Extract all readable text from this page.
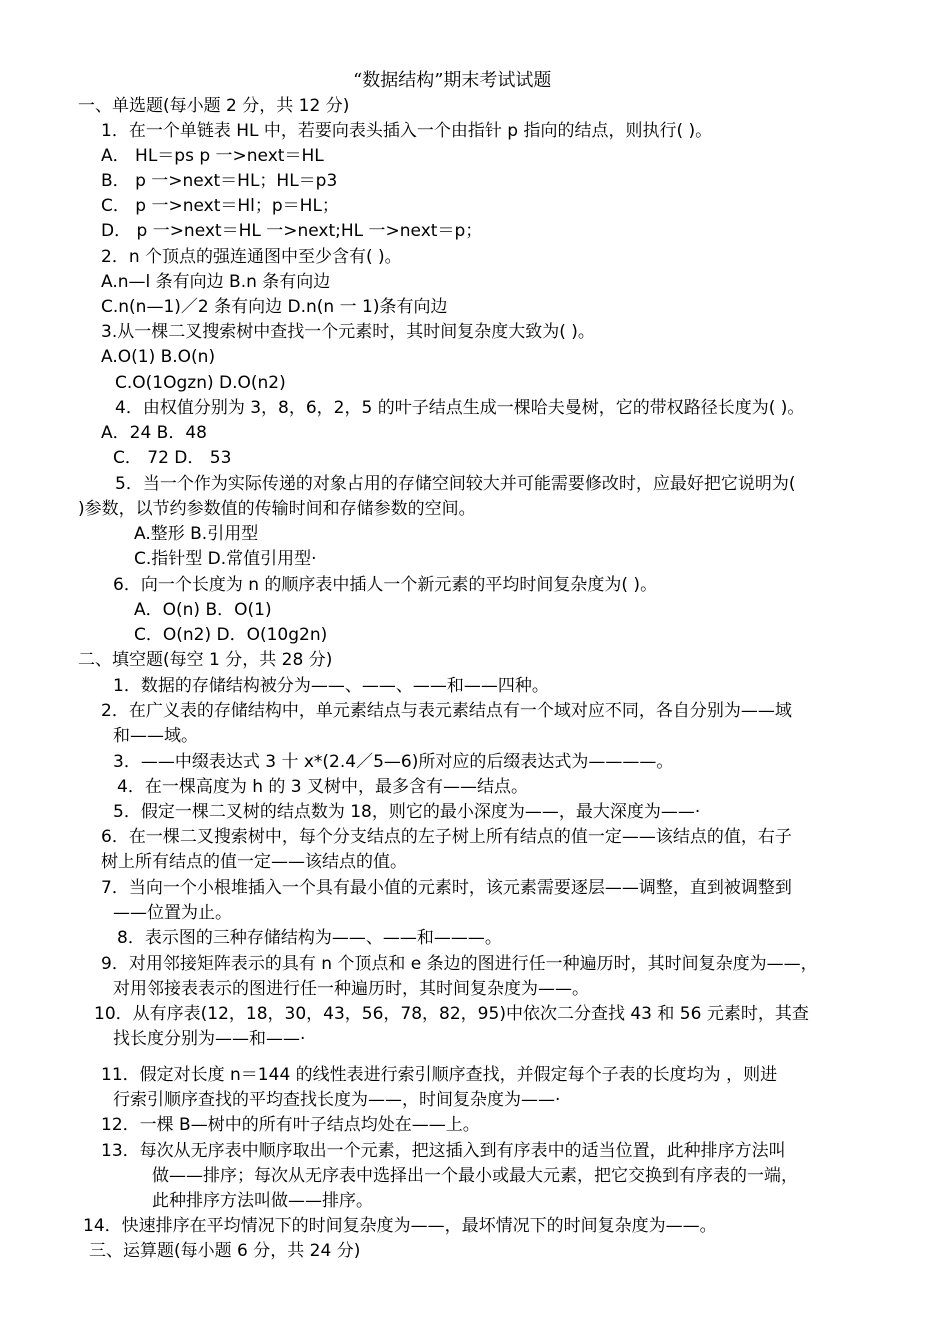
“数据结构”期末考试试题
一、单选题(每小题 2 分，共 12 分)
1．在一个单链表 HL 中，若要向表头插入一个由指针 p 指向的结点，则执行( )。
A． HL＝ps p 一>next＝HL
B． p 一>next＝HL；HL＝p3
C． p 一>next＝Hl；p＝HL；
D． p 一>next＝HL 一>next;HL 一>next＝p；
2．n 个顶点的强连通图中至少含有( )。
A.n—l 条有向边 B.n 条有向边
C.n(n—1)／2 条有向边 D.n(n 一 1)条有向边
3.从一棵二叉搜索树中查找一个元素时，其时间复杂度大致为( )。
A.O(1) B.O(n)
C.O(1Ogzn) D.O(n2)
4．由权值分别为 3，8，6，2，5 的叶子结点生成一棵哈夫曼树，它的带权路径长度为( )。
A．24 B．48
C． 72 D． 53
5．当一个作为实际传递的对象占用的存储空间较大并可能需要修改时，应最好把它说明为(
)参数，以节约参数值的传输时间和存储参数的空间。
A.整形 B.引用型
C.指针型 D.常值引用型·
6．向一个长度为 n 的顺序表中插人一个新元素的平均时间复杂度为( )。
A．O(n) B．O(1)
C．O(n2) D．O(10g2n)
二、填空题(每空 1 分，共 28 分)
1．数据的存储结构被分为——、——、——和——四种。
2．在广义表的存储结构中，单元素结点与表元素结点有一个域对应不同，各自分别为——域
和——域。
3．——中缀表达式 3 十 x*(2.4／5—6)所对应的后缀表达式为————。
4．在一棵高度为 h 的 3 叉树中，最多含有——结点。
5．假定一棵二叉树的结点数为 18，则它的最小深度为——，最大深度为——·
6．在一棵二叉搜索树中，每个分支结点的左子树上所有结点的值一定——该结点的值，右子
树上所有结点的值一定——该结点的值。
7．当向一个小根堆插入一个具有最小值的元素时，该元素需要逐层——调整，直到被调整到
——位置为止。
8．表示图的三种存储结构为——、——和———。
9．对用邻接矩阵表示的具有 n 个顶点和 e 条边的图进行任一种遍历时，其时间复杂度为——，
对用邻接表表示的图进行任一种遍历时，其时间复杂度为——。
10．从有序表(12，18，30，43，56，78，82，95)中依次二分查找 43 和 56 元素时，其查
找长度分别为——和——·
11．假定对长度 n＝144 的线性表进行索引顺序查找，并假定每个子表的长度均为 ，则进
行索引顺序查找的平均查找长度为——，时间复杂度为——·
12．一棵 B—树中的所有叶子结点均处在——上。
13．每次从无序表中顺序取出一个元素，把这插入到有序表中的适当位置，此种排序方法叫
做——排序；每次从无序表中选择出一个最小或最大元素，把它交换到有序表的一端，
此种排序方法叫做——排序。
14．快速排序在平均情况下的时间复杂度为——，最坏情况下的时间复杂度为——。
三、运算题(每小题 6 分，共 24 分)
